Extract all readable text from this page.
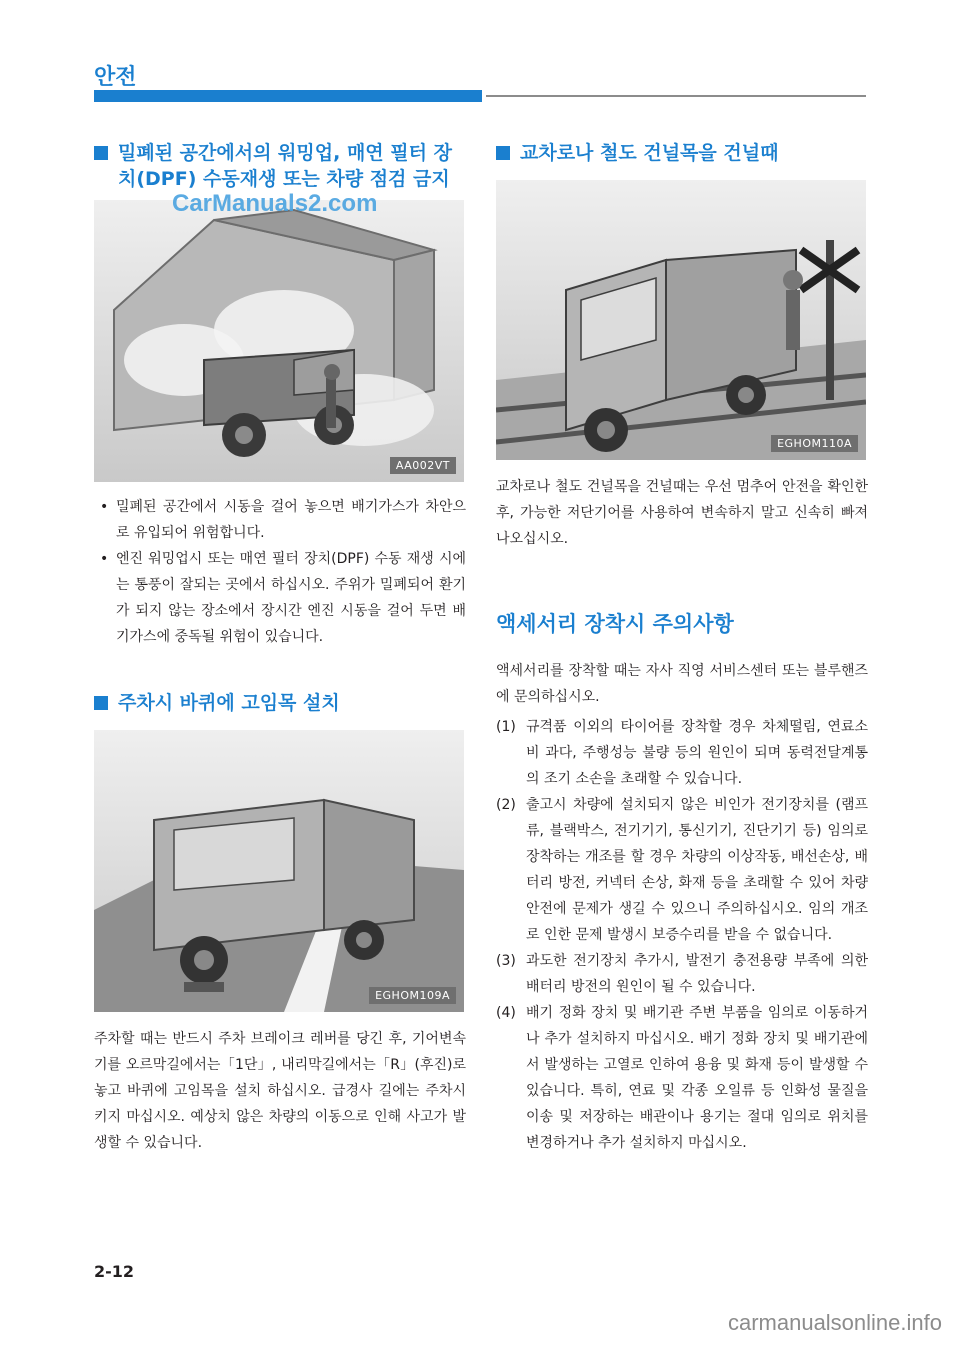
안전
밀폐된 공간에서의 워밍업, 매연 필터 장치(DPF) 수동재생 또는 차량 점검 금지
AA002VT
• 밀폐된 공간에서 시동을 걸어 놓으면 배기가스가 차안으로 유입되어 위험합니다.
• 엔진 워밍업시 또는 매연 필터 장치(DPF) 수동 재생 시에는 통풍이 잘되는 곳에서 하십시오. 주위가 밀폐되어 환기가 되지 않는 장소에서 장시간 엔진 시동을 걸어 두면 배기가스에 중독될 위험이 있습니다.
주차시 바퀴에 고임목 설치
EGHOM109A

주차할 때는 반드시 주차 브레이크 레버를 당긴 후, 기어변속기를 오르막길에서는「1단」, 내리막길에서는「R」(후진)로 놓고 바퀴에 고임목을 설치 하십시오. 급경사 길에는 주차시키지 마십시오. 예상치 않은 차량의 이동으로 인해 사고가 발생할 수 있습니다.

교차로나 철도 건널목을 건널때
EGHOM110A

교차로나 철도 건널목을 건널때는 우선 멈추어 안전을 확인한 후, 가능한 저단기어를 사용하여 변속하지 말고 신속히 빠져 나오십시오.

액세서리 장착시 주의사항

액세서리를 장착할 때는 자사 직영 서비스센터 또는 블루핸즈에 문의하십시오.

(1) 규격품 이외의 타이어를 장착할 경우 차체떨림, 연료소비 과다, 주행성능 불량 등의 원인이 되며 동력전달계통의 조기 소손을 초래할 수 있습니다.
(2) 출고시 차량에 설치되지 않은 비인가 전기장치를 (램프류, 블랙박스, 전기기기, 통신기기, 진단기기 등) 임의로 장착하는 개조를 할 경우 차량의 이상작동, 배선손상, 배터리 방전, 커넥터 손상, 화재 등을 초래할 수 있어 차량 안전에 문제가 생길 수 있으니 주의하십시오. 임의 개조로 인한 문제 발생시 보증수리를 받을 수 없습니다.
(3) 과도한 전기장치 추가시, 발전기 충전용량 부족에 의한 배터리 방전의 원인이 될 수 있습니다.
(4) 배기 정화 장치 및 배기관 주변 부품을 임의로 이동하거나 추가 설치하지 마십시오. 배기 정화 장치 및 배기관에서 발생하는 고열로 인하여 용융 및 화재 등이 발생할 수 있습니다. 특히, 연료 및 각종 오일류 등 인화성 물질을 이송 및 저장하는 배관이나 용기는 절대 임의로 위치를 변경하거나 추가 설치하지 마십시오.
CarManuals2.com
2-12
carmanualsonline.info
